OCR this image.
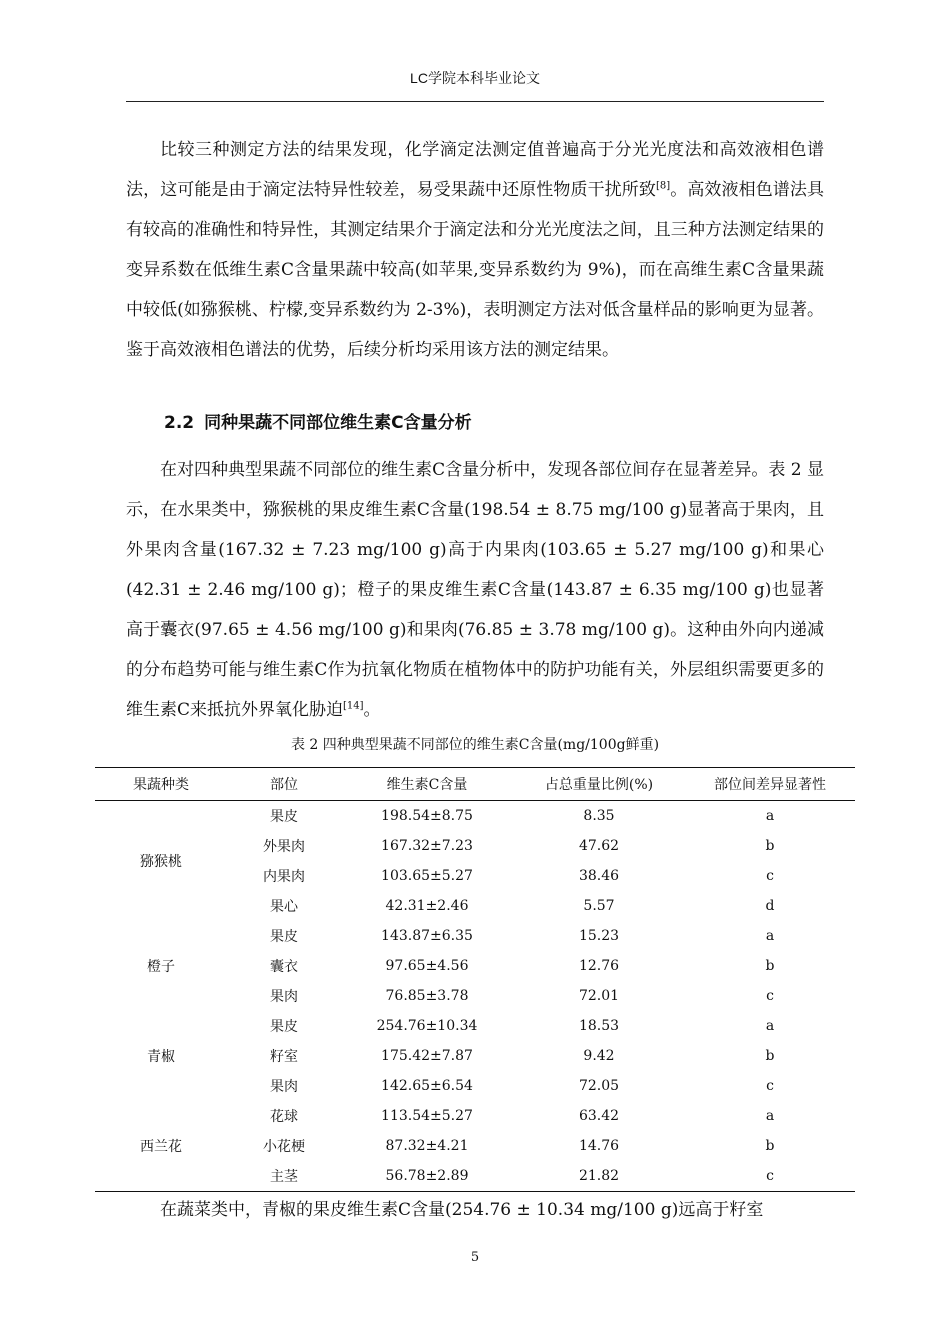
LC学院本科毕业论文

比较三种测定方法的结果发现，化学滴定法测定值普遍高于分光光度法和高效液相色谱法，这可能是由于滴定法特异性较差，易受果蔬中还原性物质干扰所致[8]。高效液相色谱法具有较高的准确性和特异性，其测定结果介于滴定法和分光光度法之间，且三种方法测定结果的变异系数在低维生素C含量果蔬中较高(如苹果,变异系数约为 9%)，而在高维生素C含量果蔬中较低(如猕猴桃、柠檬,变异系数约为 2-3%)，表明测定方法对低含量样品的影响更为显著。鉴于高效液相色谱法的优势，后续分析均采用该方法的测定结果。

2.2 同种果蔬不同部位维生素C含量分析

在对四种典型果蔬不同部位的维生素C含量分析中，发现各部位间存在显著差异。表 2 显示，在水果类中，猕猴桃的果皮维生素C含量(198.54 ± 8.75 mg/100 g)显著高于果肉，且外果肉含量(167.32 ± 7.23 mg/100 g)高于内果肉(103.65 ± 5.27 mg/100 g)和果心(42.31 ± 2.46 mg/100 g)；橙子的果皮维生素C含量(143.87 ± 6.35 mg/100 g)也显著高于囊衣(97.65 ± 4.56 mg/100 g)和果肉(76.85 ± 3.78 mg/100 g)。这种由外向内递减的分布趋势可能与维生素C作为抗氧化物质在植物体中的防护功能有关，外层组织需要更多的维生素C来抵抗外界氧化胁迫[14]。

表 2 四种典型果蔬不同部位的维生素C含量(mg/100g鲜重)
果蔬种类	部位	维生素C含量	占总重量比例(%)	部位间差异显著性
猕猴桃	果皮	198.54±8.75	8.35	a
	外果肉	167.32±7.23	47.62	b
	内果肉	103.65±5.27	38.46	c
	果心	42.31±2.46	5.57	d
橙子	果皮	143.87±6.35	15.23	a
	囊衣	97.65±4.56	12.76	b
	果肉	76.85±3.78	72.01	c
青椒	果皮	254.76±10.34	18.53	a
	籽室	175.42±7.87	9.42	b
	果肉	142.65±6.54	72.05	c
西兰花	花球	113.54±5.27	63.42	a
	小花梗	87.32±4.21	14.76	b
	主茎	56.78±2.89	21.82	c

在蔬菜类中，青椒的果皮维生素C含量(254.76 ± 10.34 mg/100 g)远高于籽室

5
